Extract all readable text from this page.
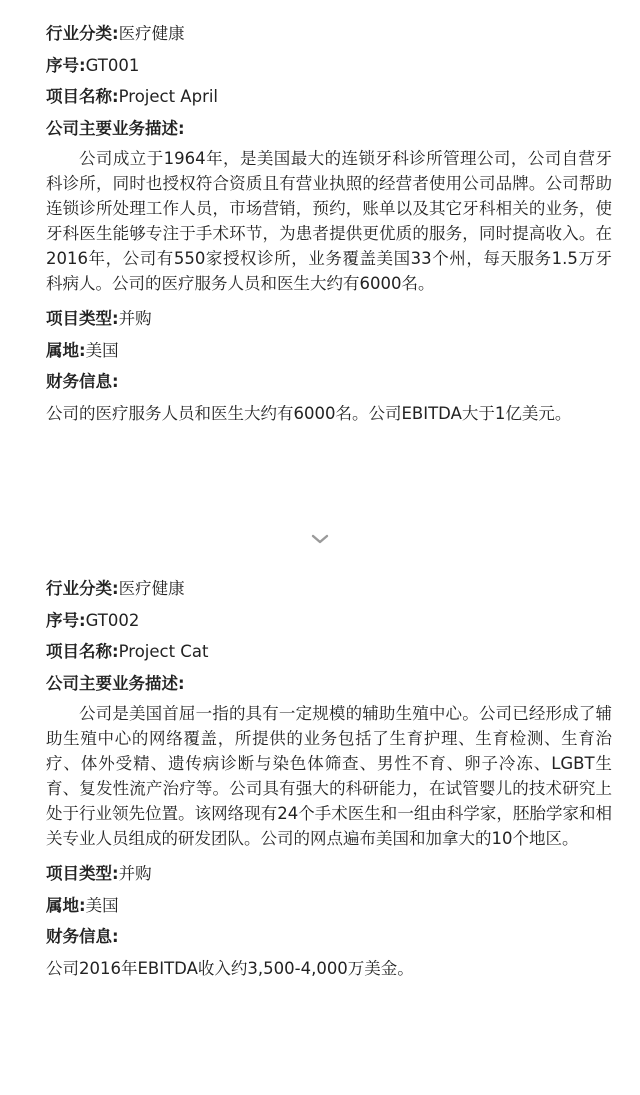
行业分类:医疗健康
序号:GT001
项目名称:Project April
公司主要业务描述:
公司成立于1964年，是美国最大的连锁牙科诊所管理公司，公司自营牙科诊所，同时也授权符合资质且有营业执照的经营者使用公司品牌。公司帮助连锁诊所处理工作人员，市场营销，预约，账单以及其它牙科相关的业务，使牙科医生能够专注于手术环节，为患者提供更优质的服务，同时提高收入。在2016年，公司有550家授权诊所，业务覆盖美国33个州，每天服务1.5万牙科病人。公司的医疗服务人员和医生大约有6000名。
项目类型:并购
属地:美国
财务信息:
公司的医疗服务人员和医生大约有6000名。公司EBITDA大于1亿美元。
行业分类:医疗健康
序号:GT002
项目名称:Project Cat
公司主要业务描述:
公司是美国首屈一指的具有一定规模的辅助生殖中心。公司已经形成了辅助生殖中心的网络覆盖，所提供的业务包括了生育护理、生育检测、生育治疗、体外受精、遗传病诊断与染色体筛查、男性不育、卵子冷冻、LGBT生育、复发性流产治疗等。公司具有强大的科研能力，在试管婴儿的技术研究上处于行业领先位置。该网络现有24个手术医生和一组由科学家，胚胎学家和相关专业人员组成的研发团队。公司的网点遍布美国和加拿大的10个地区。
项目类型:并购
属地:美国
财务信息:
公司2016年EBITDA收入约3,500-4,000万美金。
